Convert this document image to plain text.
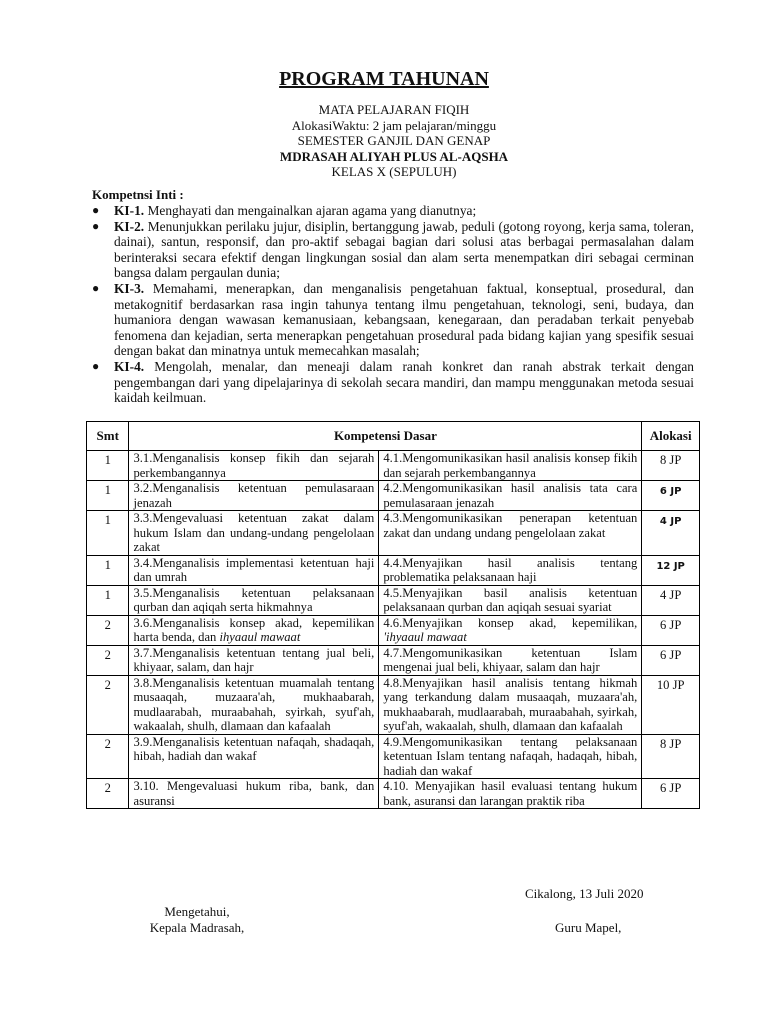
PROGRAM TAHUNAN
MATA PELAJARAN FIQIH
AlokasiWaktu: 2 jam pelajaran/minggu
SEMESTER GANJIL DAN GENAP
MDRASAH ALIYAH PLUS AL-AQSHA
KELAS X (SEPULUH)
Kompetnsi Inti :
● KI-1. Menghayati dan mengainalkan ajaran agama yang dianutnya;
● KI-2. Menunjukkan perilaku jujur, disiplin, bertanggung jawab, peduli (gotong royong, kerja sama, toleran, dainai), santun, responsif, dan pro-aktif sebagai bagian dari solusi atas berbagai permasalahan dalam berinteraksi secara efektif dengan lingkungan sosial dan alam serta menempatkan diri sebagai cerminan bangsa dalam pergaulan dunia;
● KI-3. Memahami, menerapkan, dan menganalisis pengetahuan faktual, konseptual, prosedural, dan metakognitif berdasarkan rasa ingin tahunya tentang ilmu pengetahuan, teknologi, seni, budaya, dan humaniora dengan wawasan kemanusiaan, kebangsaan, kenegaraan, dan peradaban terkait penyebab fenomena dan kejadian, serta menerapkan pengetahuan prosedural pada bidang kajian yang spesifik sesuai dengan bakat dan minatnya untuk memecahkan masalah;
● KI-4. Mengolah, menalar, dan meneaji dalam ranah konkret dan ranah abstrak terkait dengan pengembangan dari yang dipelajarinya di sekolah secara mandiri, dan mampu menggunakan metoda sesuai kaidah keilmuan.
Smt	Kompetensi Dasar		Alokasi
1	3.1.Menganalisis konsep fikih dan sejarah perkembangannya	4.1.Mengomunikasikan hasil analisis konsep fikih dan sejarah perkembangannya	8 JP
1	3.2.Menganalisis ketentuan pemulasaraan jenazah	4.2.Mengomunikasikan hasil analisis tata cara pemulasaraan jenazah	6 JP
1	3.3.Mengevaluasi ketentuan zakat dalam hukum Islam dan undang-undang pengelolaan zakat	4.3.Mengomunikasikan penerapan ketentuan zakat dan undang undang pengelolaan zakat	4 JP
1	3.4.Menganalisis implementasi ketentuan haji dan umrah	4.4.Menyajikan hasil analisis tentang problematika pelaksanaan haji	12 JP
1	3.5.Menganalisis ketentuan pelaksanaan qurban dan aqiqah serta hikmahnya	4.5.Menyajikan basil analisis ketentuan pelaksanaan qurban dan aqiqah sesuai syariat	4 JP
2	3.6.Menganalisis konsep akad, kepemilikan harta benda, dan ihyaaul mawaat	4.6.Menyajikan konsep akad, kepemilikan, 'ihyaaul mawaat	6 JP
2	3.7.Menganalisis ketentuan tentang jual beli, khiyaar, salam, dan hajr	4.7.Mengomunikasikan ketentuan Islam mengenai jual beli, khiyaar, salam dan hajr	6 JP
2	3.8.Menganalisis ketentuan muamalah tentang musaaqah, muzaara'ah, mukhaabarah, mudlaarabah, muraabahah, syirkah, syuf'ah, wakaalah, shulh, dlamaan dan kafaalah	4.8.Menyajikan hasil analisis tentang hikmah yang terkandung dalam musaaqah, muzaara'ah, mukhaabarah, mudlaarabah, muraabahah, syirkah, syuf'ah, wakaalah, shulh, dlamaan dan kafaalah	10 JP
2	3.9.Menganalisis ketentuan nafaqah, shadaqah, hibah, hadiah dan wakaf	4.9.Mengomunikasikan tentang pelaksanaan ketentuan Islam tentang nafaqah, hadaqah, hibah, hadiah dan wakaf	8 JP
2	3.10. Mengevaluasi hukum riba, bank, dan asuransi	4.10. Menyajikan hasil evaluasi tentang hukum bank, asuransi dan larangan praktik riba	6 JP
Cikalong, 13 Juli 2020
Mengetahui,
Kepala Madrasah,	Guru Mapel,
